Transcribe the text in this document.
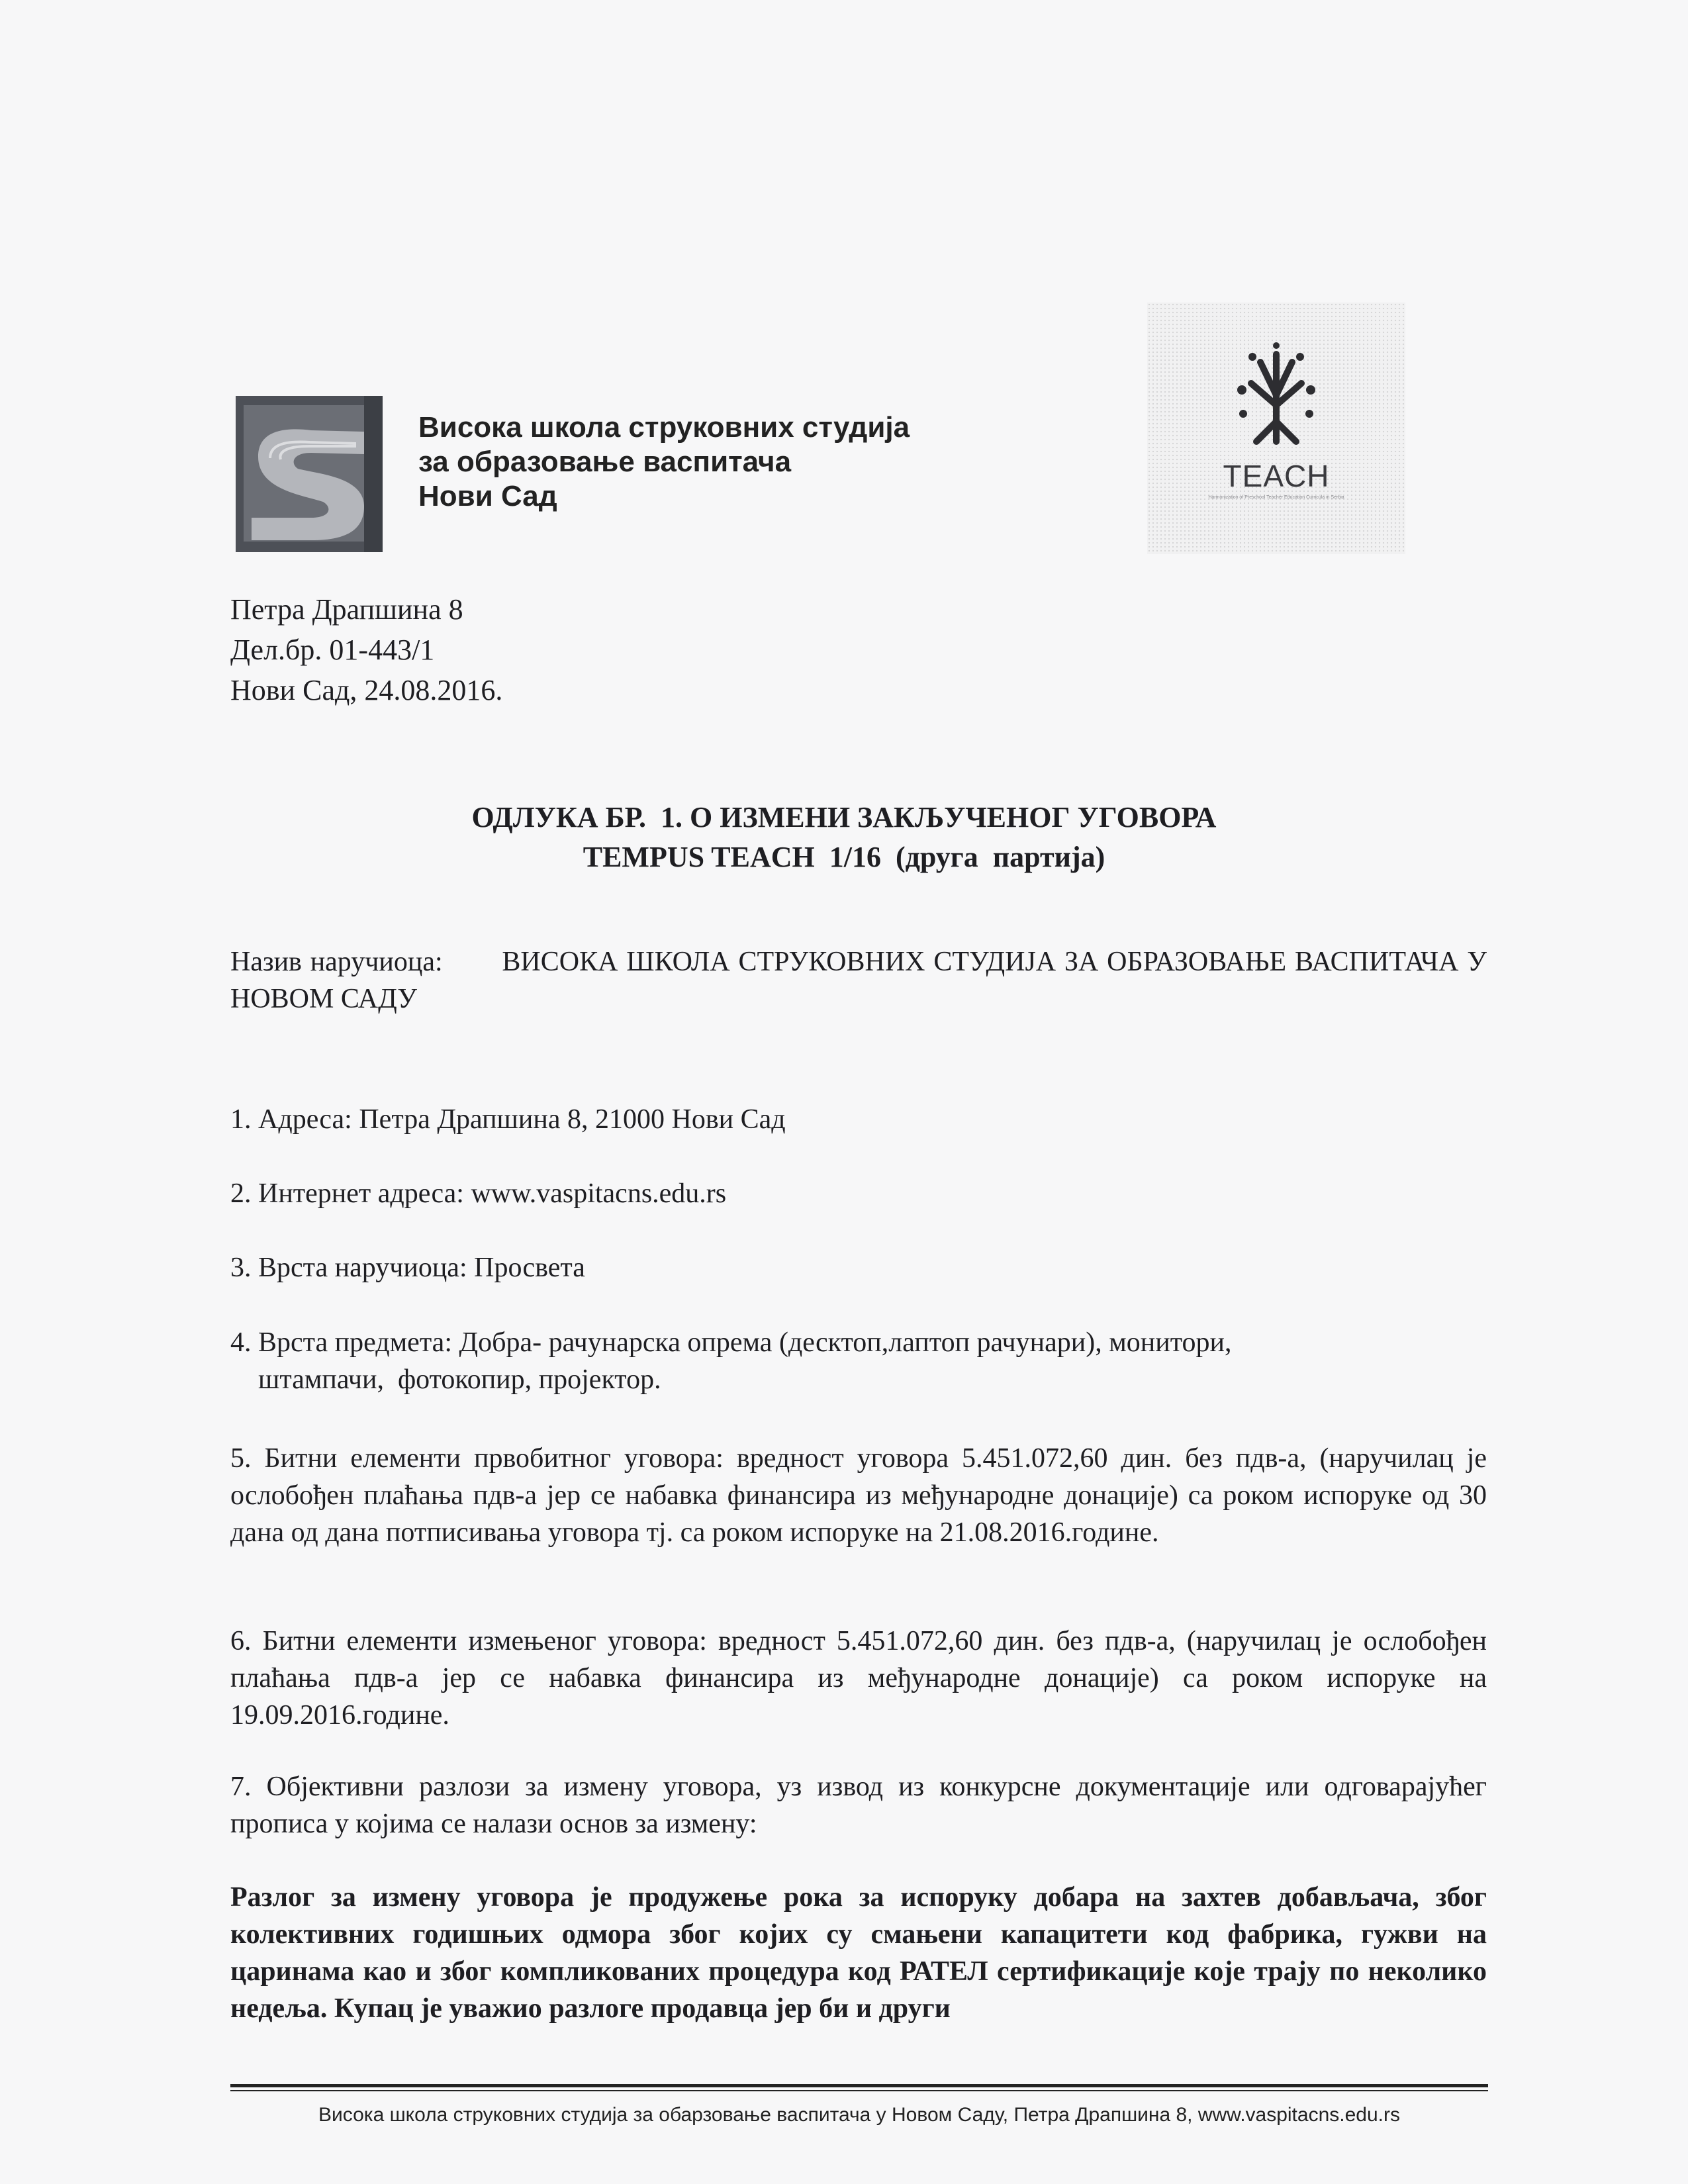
Висока школа струковних студија
за образовање васпитача
Нови Сад
TEACH
Harmonization of Preschool Teacher Education Curricula in Serbia
Петра Драпшина 8
Дел.бр. 01-443/1
Нови Сад, 24.08.2016.
ОДЛУКА БР.  1. О ИЗМЕНИ ЗАКЉУЧЕНОГ УГОВОРА
TEMPUS TEACH  1/16  (друга  партија)
Назив наручиоца: ВИСОКА ШКОЛА СТРУКОВНИХ СТУДИЈА ЗА ОБРАЗОВАЊЕ ВАСПИТАЧА У НОВОМ САДУ
1. Адреса: Петра Драпшина 8, 21000 Нови Сад
2. Интернет адреса: www.vaspitacns.edu.rs
3. Врста наручиоца: Просвета
4. Врста предмета: Добра- рачунарска опрема (десктоп,лаптоп рачунари), монитори,
штампачи,  фотокопир, пројектор.
5. Битни елементи првобитног уговора: вредност уговора 5.451.072,60 дин. без пдв-а, (наручилац је ослобођен плаћања пдв-а јер се набавка финансира из међународне донације) са роком испоруке од 30 дана од дана потписивања уговора тј. са роком испоруке на 21.08.2016.године.
6. Битни елементи измењеног уговора: вредност 5.451.072,60 дин. без пдв-а, (наручилац је ослобођен плаћања пдв-а јер се набавка финансира из међународне донације) са роком испоруке на 19.09.2016.године.
7. Објективни разлози за измену уговора, уз извод из конкурсне документације или одговарајућег прописа у којима се налази основ за измену:
Разлог за измену уговора је продужење рока за испоруку добара на захтев добављача, због колективних годишњих одмора због којих су смањени капацитети код фабрика, гужви на царинама као и због компликованих процедура код РАТЕЛ сертификације које трају по неколико недеља. Купац је уважио разлоге продавца јер би и други
Висока школа струковних студија за обарзовање васпитача у Новом Саду, Петра Драпшина 8, www.vaspitacns.edu.rs
